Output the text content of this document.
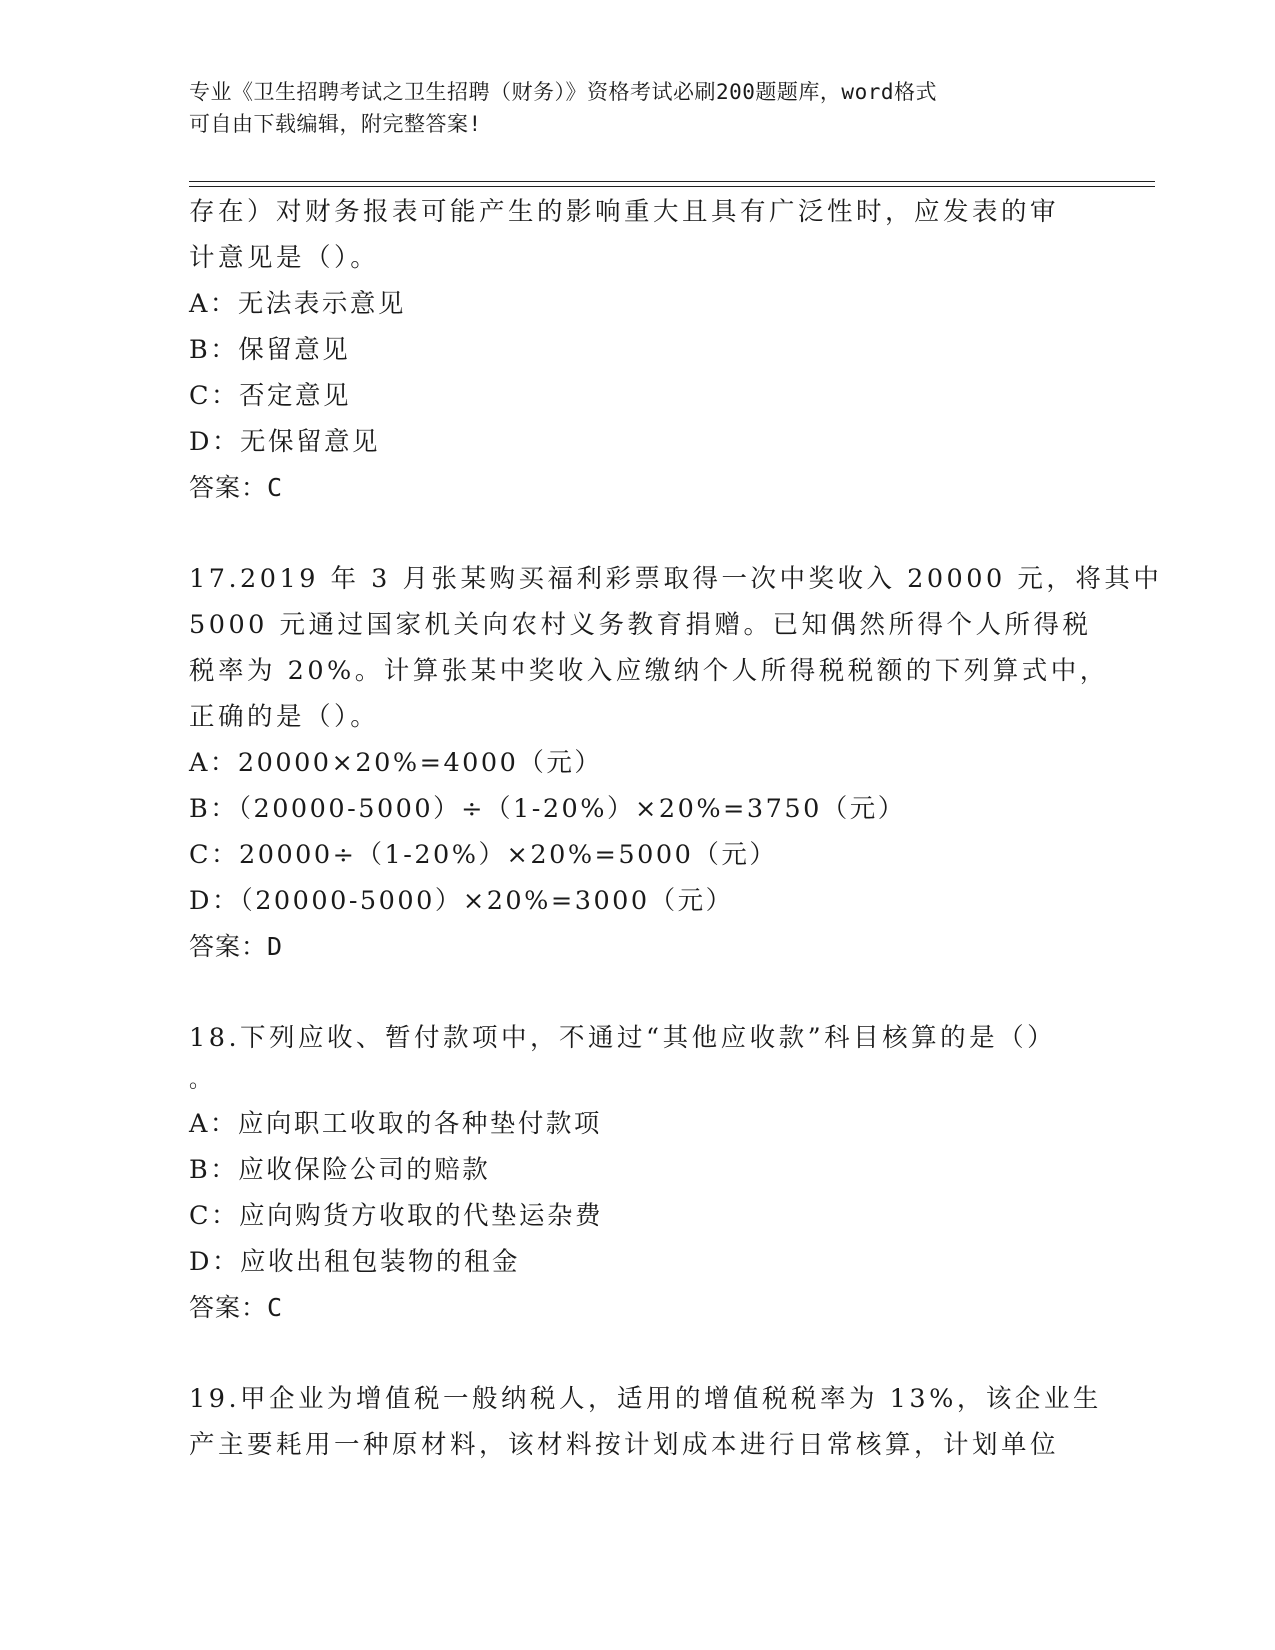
专业《卫生招聘考试之卫生招聘（财务）》资格考试必刷200题题库，word格式
可自由下载编辑，附完整答案!
存在）对财务报表可能产生的影响重大且具有广泛性时，应发表的审
计意见是（）。
A：无法表示意见
B：保留意见
C：否定意见
D：无保留意见
答案：C
17.2019 年 3 月张某购买福利彩票取得一次中奖收入 20000 元，将其中
5000 元通过国家机关向农村义务教育捐赠。已知偶然所得个人所得税
税率为 20%。计算张某中奖收入应缴纳个人所得税税额的下列算式中，
正确的是（）。
A：20000×20%=4000（元）
B：（20000-5000）÷（1-20%）×20%=3750（元）
C：20000÷（1-20%）×20%=5000（元）
D：（20000-5000）×20%=3000（元）
答案：D
18.下列应收、暂付款项中，不通过“其他应收款”科目核算的是（）
。
A：应向职工收取的各种垫付款项
B：应收保险公司的赔款
C：应向购货方收取的代垫运杂费
D：应收出租包装物的租金
答案：C
19.甲企业为增值税一般纳税人，适用的增值税税率为 13%，该企业生
产主要耗用一种原材料，该材料按计划成本进行日常核算，计划单位
